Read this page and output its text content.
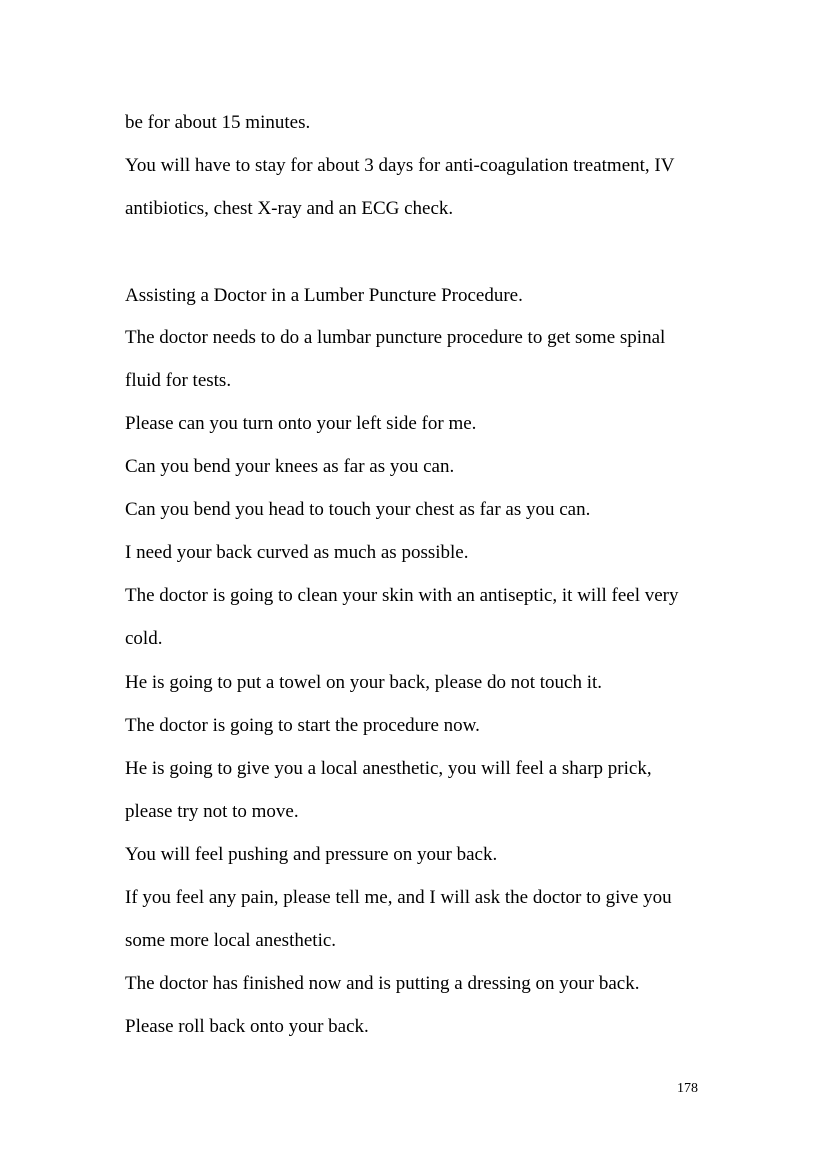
be for about 15 minutes.

You will have to stay for about 3 days for anti-coagulation treatment, IV

antibiotics, chest X-ray and an ECG check.

Assisting a Doctor in a Lumber Puncture Procedure.

The doctor needs to do a lumbar puncture procedure to get some spinal

fluid for tests.

Please can you turn onto your left side for me.

Can you bend your knees as far as you can.

Can you bend you head to touch your chest as far as you can.

I need your back curved as much as possible.

The doctor is going to clean your skin with an antiseptic, it will feel very

cold.

He is going to put a towel on your back, please do not touch it.

The doctor is going to start the procedure now.

He is going to give you a local anesthetic, you will feel a sharp prick,

please try not to move.

You will feel pushing and pressure on your back.

If you feel any pain, please tell me, and I will ask the doctor to give you

some more local anesthetic.

The doctor has finished now and is putting a dressing on your back.

Please roll back onto your back.

178
